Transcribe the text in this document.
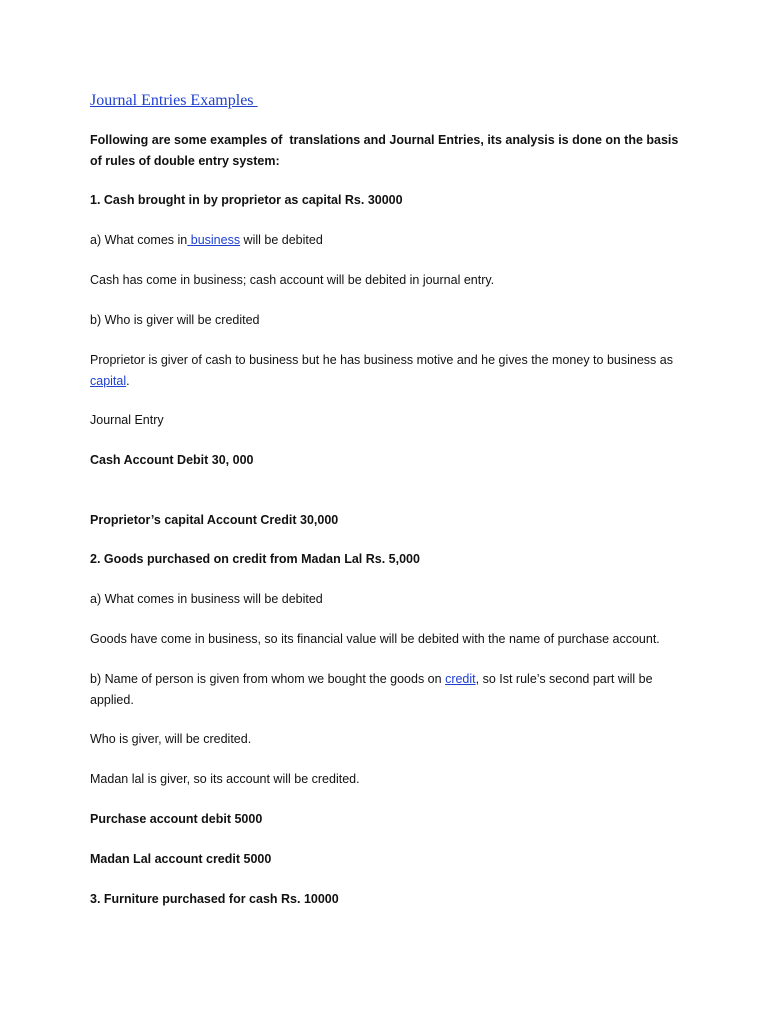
Journal Entries Examples
Following are some examples of  translations and Journal Entries, its analysis is done on the basis of rules of double entry system:
1. Cash brought in by proprietor as capital Rs. 30000
a) What comes in business will be debited
Cash has come in business; cash account will be debited in journal entry.
b) Who is giver will be credited
Proprietor is giver of cash to business but he has business motive and he gives the money to business as capital.
Journal Entry
Cash Account Debit 30, 000
Proprietor’s capital Account Credit 30,000
2. Goods purchased on credit from Madan Lal Rs. 5,000
a) What comes in business will be debited
Goods have come in business, so its financial value will be debited with the name of purchase account.
b) Name of person is given from whom we bought the goods on credit, so Ist rule’s second part will be applied.
Who is giver, will be credited.
Madan lal is giver, so its account will be credited.
Purchase account debit 5000
Madan Lal account credit 5000
3. Furniture purchased for cash Rs. 10000
